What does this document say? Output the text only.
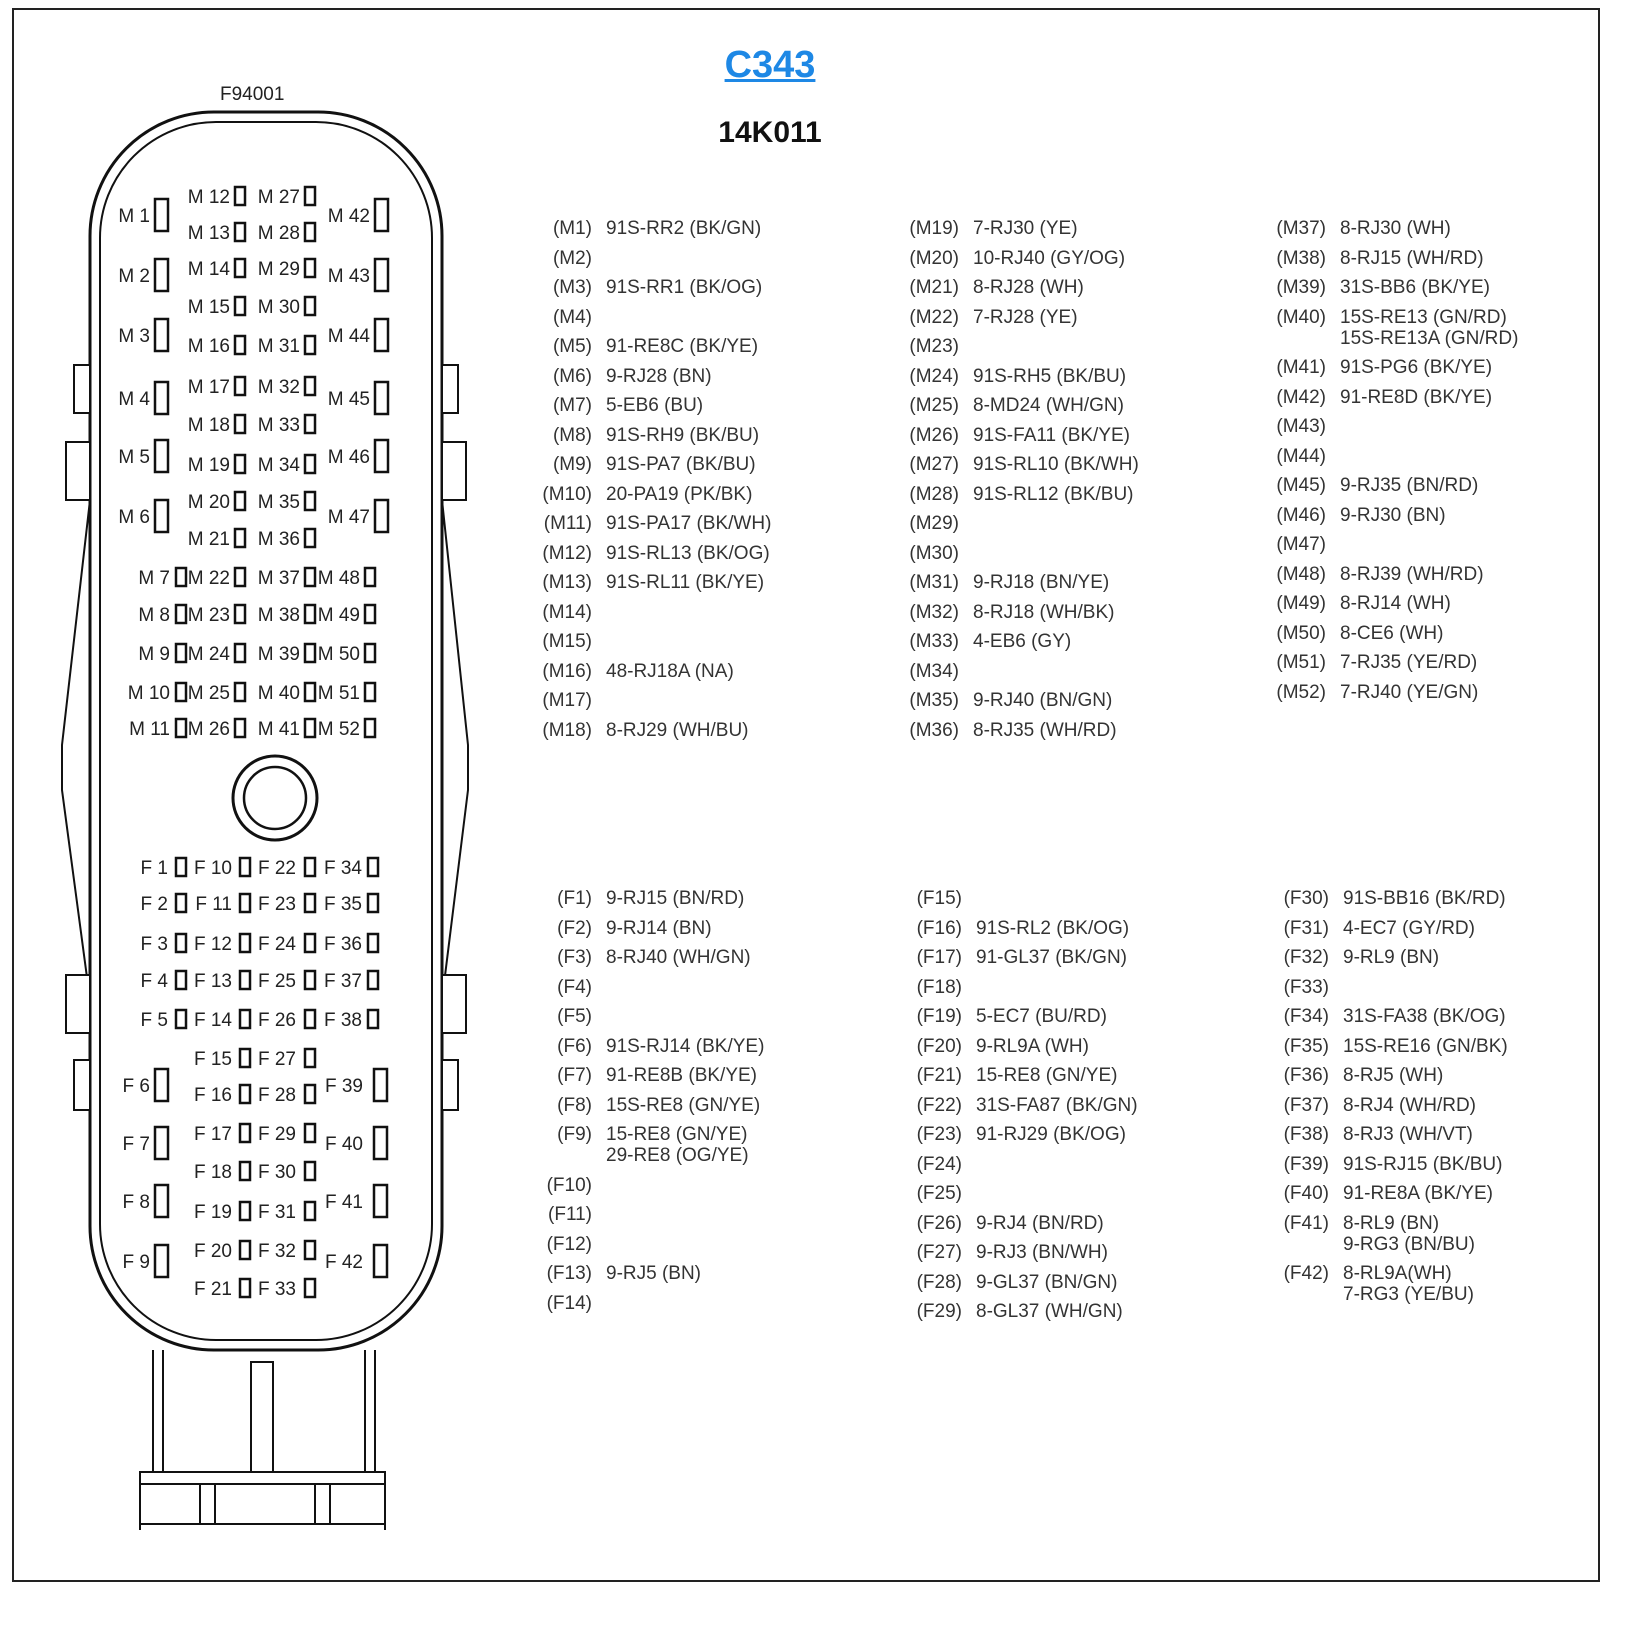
C343
14K011
F94001
M 1
M 2
M 3
M 4
M 5
M 6
M 7
M 8
M 9
M 10
M 11
M 12 M 27
M 13 M 28
M 14 M 29
M 15 M 30
M 16 M 31
M 17 M 32
M 18 M 33
M 19 M 34
M 20 M 35
M 21 M 36
M 22 M 37
M 23 M 38
M 24 M 39
M 25 M 40
M 26 M 41
M 42
M 43
M 44
M 45
M 46
M 47
M 48
M 49
M 50
M 51
M 52
F 1
F 2
F 3
F 4
F 5
F 6
F 7
F 8
F 9
F 10 F 22
F 11 F 23
F 12 F 24
F 13 F 25
F 14 F 26
F 15 F 27
F 16 F 28
F 17 F 29
F 18 F 30
F 19 F 31
F 20 F 32
F 21 F 33
F 34
F 35
F 36
F 37
F 38
F 39
F 40
F 41
F 42
(M1) 91S-RR2 (BK/GN)
(M2)

(M3) 91S-RR1 (BK/OG)
(M4)

(M5) 91-RE8C (BK/YE)
(M6) 9-RJ28 (BN)
(M7) 5-EB6 (BU)
(M8) 91S-RH9 (BK/BU)
(M9) 91S-PA7 (BK/BU)
(M10) 20-PA19 (PK/BK)
(M11) 91S-PA17 (BK/WH)
(M12) 91S-RL13 (BK/OG)
(M13) 91S-RL11 (BK/YE)
(M14)

(M15)

(M16) 48-RJ18A (NA)
(M17)

(M18) 8-RJ29 (WH/BU)
(M19) 7-RJ30 (YE)
(M20) 10-RJ40 (GY/OG)
(M21) 8-RJ28 (WH)
(M22) 7-RJ28 (YE)
(M23)

(M24) 91S-RH5 (BK/BU)
(M25) 8-MD24 (WH/GN)
(M26) 91S-FA11 (BK/YE)
(M27) 91S-RL10 (BK/WH)
(M28) 91S-RL12 (BK/BU)
(M29)

(M30)

(M31) 9-RJ18 (BN/YE)
(M32) 8-RJ18 (WH/BK)
(M33) 4-EB6 (GY)
(M34)

(M35) 9-RJ40 (BN/GN)
(M36) 8-RJ35 (WH/RD)
(M37) 8-RJ30 (WH)
(M38) 8-RJ15 (WH/RD)
(M39) 31S-BB6 (BK/YE)
(M40) 15S-RE13 (GN/RD)
15S-RE13A (GN/RD)
(M41) 91S-PG6 (BK/YE)
(M42) 91-RE8D (BK/YE)
(M43)

(M44)

(M45) 9-RJ35 (BN/RD)
(M46) 9-RJ30 (BN)
(M47)

(M48) 8-RJ39 (WH/RD)
(M49) 8-RJ14 (WH)
(M50) 8-CE6 (WH)
(M51) 7-RJ35 (YE/RD)
(M52) 7-RJ40 (YE/GN)
(F1) 9-RJ15 (BN/RD)
(F2) 9-RJ14 (BN)
(F3) 8-RJ40 (WH/GN)
(F4)

(F5)

(F6) 91S-RJ14 (BK/YE)
(F7) 91-RE8B (BK/YE)
(F8) 15S-RE8 (GN/YE)
(F9) 15-RE8 (GN/YE)
29-RE8 (OG/YE)
(F10)

(F11)

(F12)

(F13) 9-RJ5 (BN)
(F14)

(F15)

(F16) 91S-RL2 (BK/OG)
(F17) 91-GL37 (BK/GN)
(F18)

(F19) 5-EC7 (BU/RD)
(F20) 9-RL9A (WH)
(F21) 15-RE8 (GN/YE)
(F22) 31S-FA87 (BK/GN)
(F23) 91-RJ29 (BK/OG)
(F24)

(F25)

(F26) 9-RJ4 (BN/RD)
(F27) 9-RJ3 (BN/WH)
(F28) 9-GL37 (BN/GN)
(F29) 8-GL37 (WH/GN)
(F30) 91S-BB16 (BK/RD)
(F31) 4-EC7 (GY/RD)
(F32) 9-RL9 (BN)
(F33)

(F34) 31S-FA38 (BK/OG)
(F35) 15S-RE16 (GN/BK)
(F36) 8-RJ5 (WH)
(F37) 8-RJ4 (WH/RD)
(F38) 8-RJ3 (WH/VT)
(F39) 91S-RJ15 (BK/BU)
(F40) 91-RE8A (BK/YE)
(F41) 8-RL9 (BN)
9-RG3 (BN/BU)
(F42) 8-RL9A(WH)
7-RG3 (YE/BU)
